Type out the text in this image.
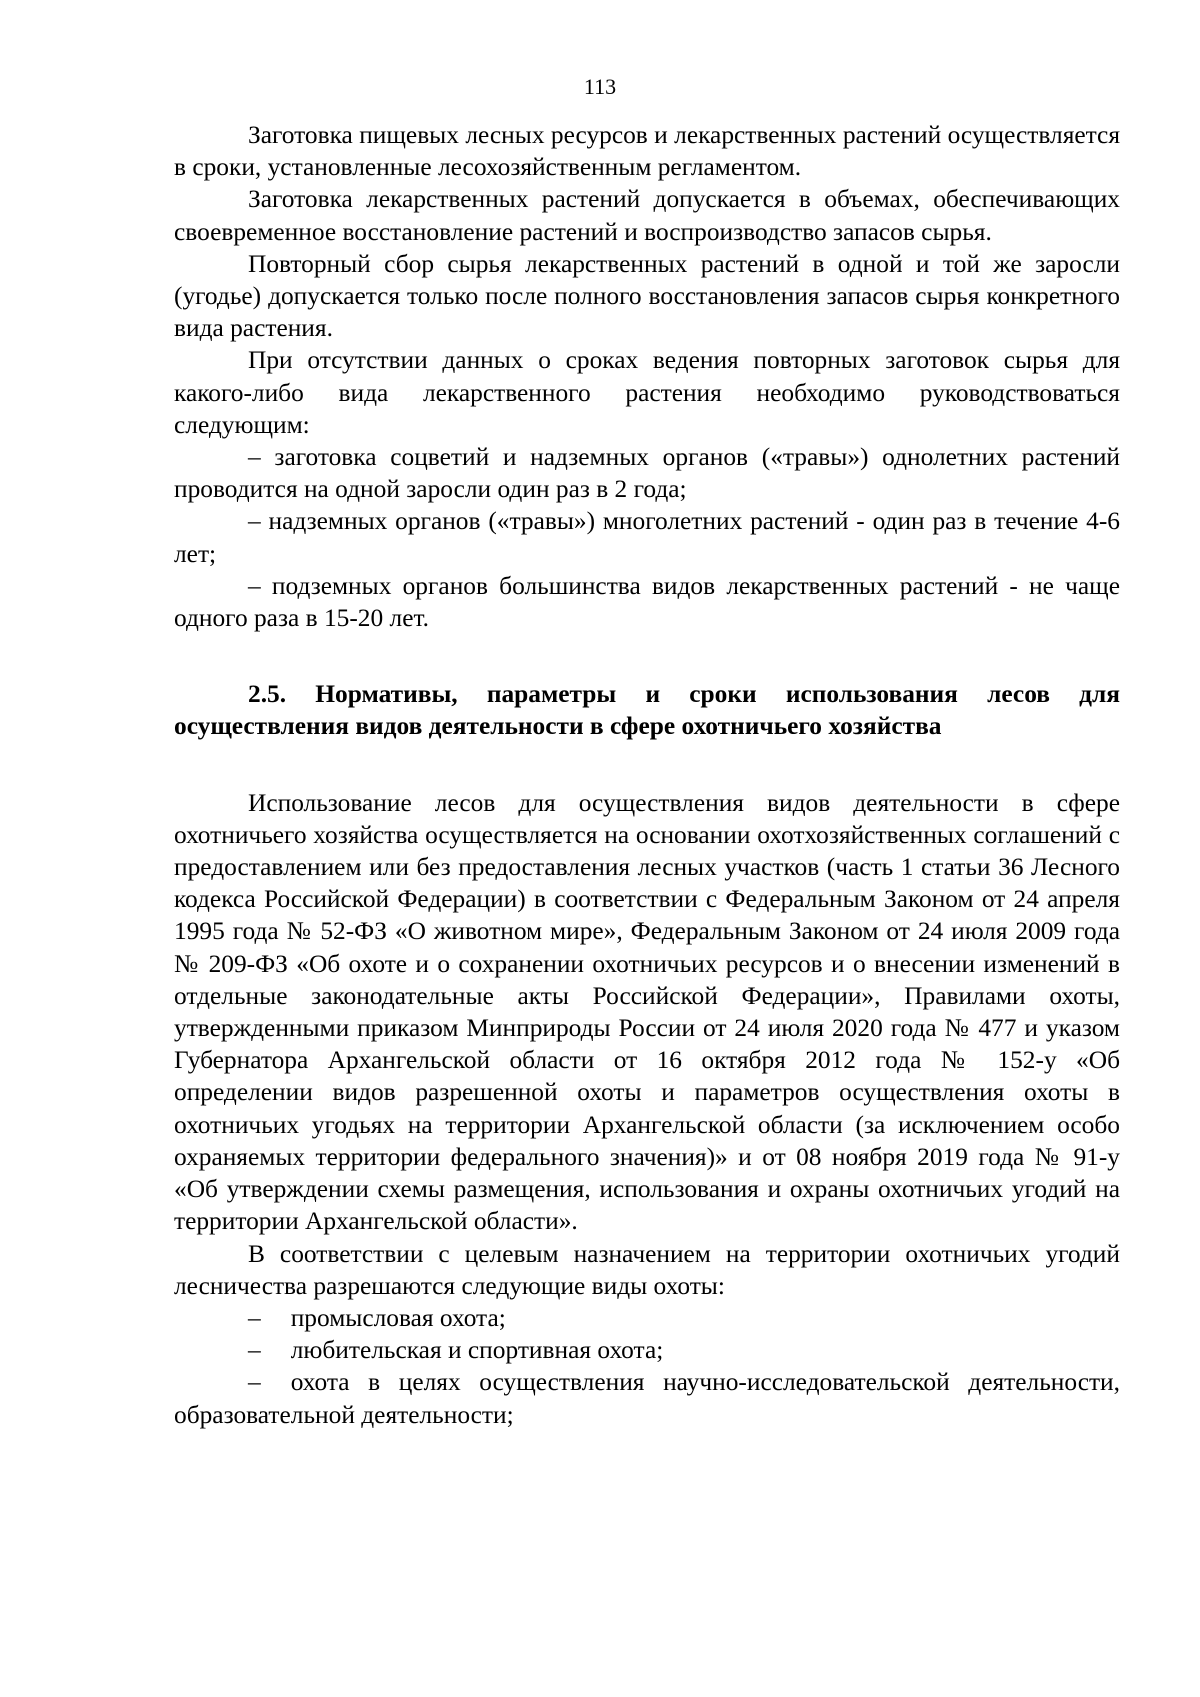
113

Заготовка пищевых лесных ресурсов и лекарственных растений осуществляется в сроки, установленные лесохозяйственным регламентом.

Заготовка лекарственных растений допускается в объемах, обеспечивающих своевременное восстановление растений и воспроизводство запасов сырья.

Повторный сбор сырья лекарственных растений в одной и той же заросли (угодье) допускается только после полного восстановления запасов сырья конкретного вида растения.

При отсутствии данных о сроках ведения повторных заготовок сырья для какого-либо вида лекарственного растения необходимо руководствоваться следующим:

– заготовка соцветий и надземных органов («травы») однолетних растений проводится на одной заросли один раз в 2 года;

– надземных органов («травы») многолетних растений - один раз в течение 4-6 лет;

– подземных органов большинства видов лекарственных растений - не чаще одного раза в 15-20 лет.

2.5. Нормативы, параметры и сроки использования лесов для осуществления видов деятельности в сфере охотничьего хозяйства

Использование лесов для осуществления видов деятельности в сфере охотничьего хозяйства осуществляется на основании охотхозяйственных соглашений с предоставлением или без предоставления лесных участков (часть 1 статьи 36 Лесного кодекса Российской Федерации) в соответствии с Федеральным Законом от 24 апреля 1995 года № 52-ФЗ «О животном мире», Федеральным Законом от 24 июля 2009 года № 209-ФЗ «Об охоте и о сохранении охотничьих ресурсов и о внесении изменений в отдельные законодательные акты Российской Федерации», Правилами охоты, утвержденными приказом Минприроды России от 24 июля 2020 года № 477 и указом Губернатора Архангельской области от 16 октября 2012 года № 152-у «Об определении видов разрешенной охоты и параметров осуществления охоты в охотничьих угодьях на территории Архангельской области (за исключением особо охраняемых территории федерального значения)» и от 08 ноября 2019 года № 91-у «Об утверждении схемы размещения, использования и охраны охотничьих угодий на территории Архангельской области».

В соответствии с целевым назначением на территории охотничьих угодий лесничества разрешаются следующие виды охоты:

– промысловая охота;

– любительская и спортивная охота;

– охота в целях осуществления научно-исследовательской деятельности, образовательной деятельности;
